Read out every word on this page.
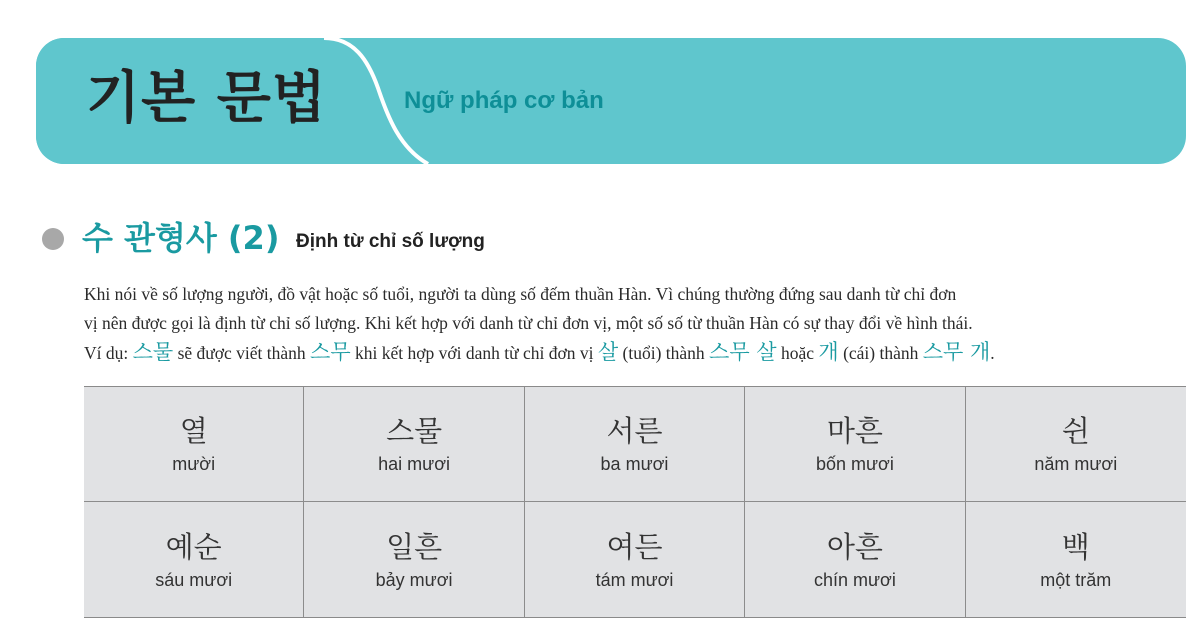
기본 문법	Ngữ pháp cơ bản
수 관형사 (2) Định từ chỉ số lượng
Khi nói về số lượng người, đồ vật hoặc số tuổi, người ta dùng số đếm thuần Hàn. Vì chúng thường đứng sau danh từ chỉ đơn
vị nên được gọi là định từ chỉ số lượng. Khi kết hợp với danh từ chỉ đơn vị, một số số từ thuần Hàn có sự thay đổi về hình thái.
Ví dụ: 스물 sẽ được viết thành 스무 khi kết hợp với danh từ chỉ đơn vị 살 (tuổi) thành 스무 살 hoặc 개 (cái) thành 스무 개.
열
mười
스물
hai mươi
서른
ba mươi
마흔
bốn mươi
쉰
năm mươi
예순
sáu mươi
일흔
bảy mươi
여든
tám mươi
아흔
chín mươi
백
một trăm
